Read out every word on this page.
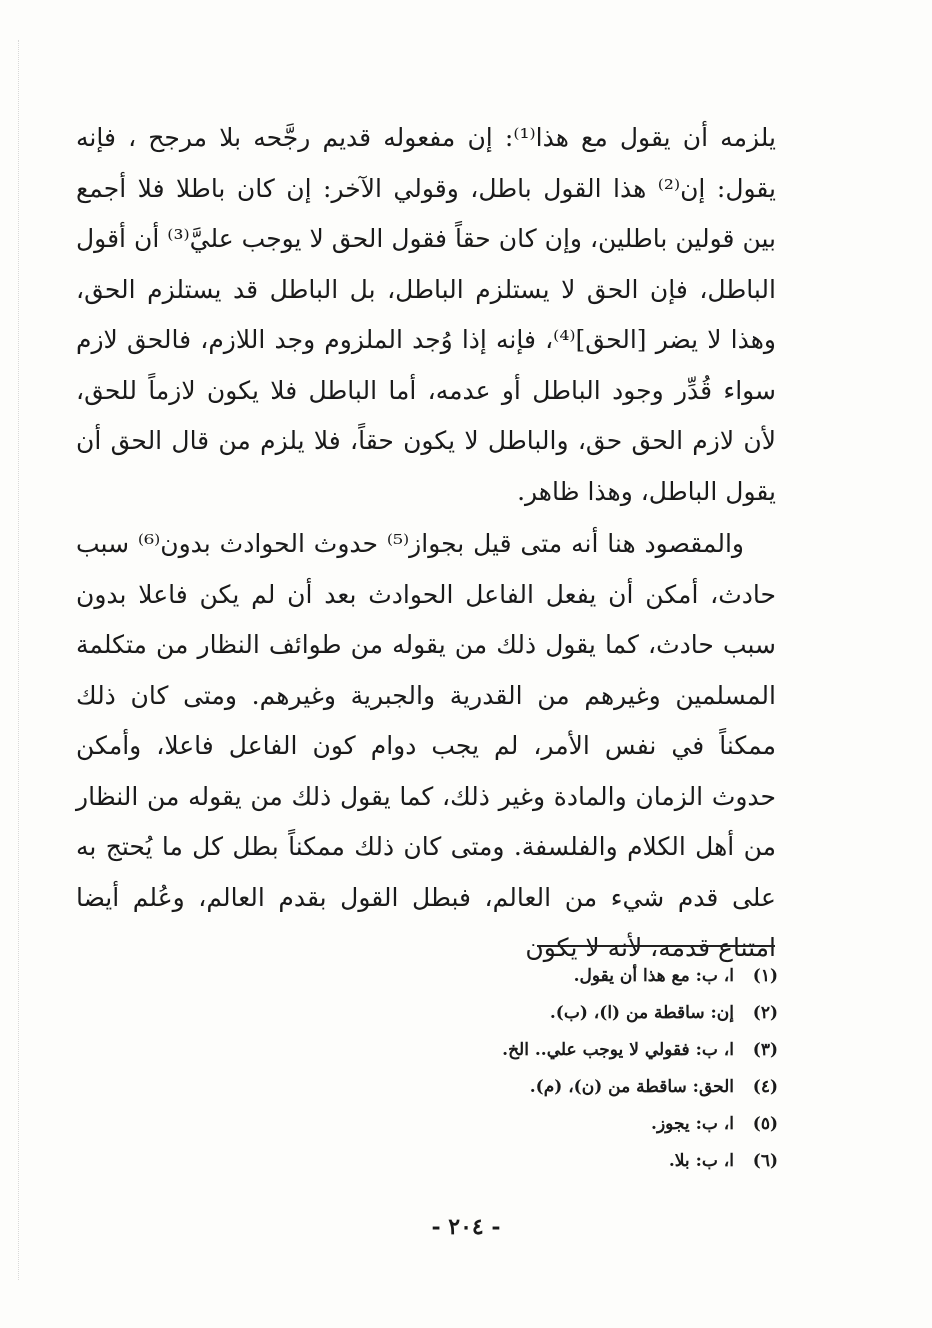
يلزمه أن يقول مع هذا⁽¹⁾: إن مفعوله قديم رجَّحه بلا مرجح ، فإنه يقول: إن⁽²⁾ هذا القول باطل، وقولي الآخر: إن كان باطلا فلا أجمع بين قولين باطلين، وإن كان حقاً فقول الحق لا يوجب عليَّ⁽³⁾ أن أقول الباطل، فإن الحق لا يستلزم الباطل، بل الباطل قد يستلزم الحق، وهذا لا يضر [الحق]⁽⁴⁾، فإنه إذا وُجد الملزوم وجد اللازم، فالحق لازم سواء قُدِّر وجود الباطل أو عدمه، أما الباطل فلا يكون لازماً للحق، لأن لازم الحق حق، والباطل لا يكون حقاً، فلا يلزم من قال الحق أن يقول الباطل، وهذا ظاهر.

والمقصود هنا أنه متى قيل بجواز⁽⁵⁾ حدوث الحوادث بدون⁽⁶⁾ سبب حادث، أمكن أن يفعل الفاعل الحوادث بعد أن لم يكن فاعلا بدون سبب حادث، كما يقول ذلك من يقوله من طوائف النظار من متكلمة المسلمين وغيرهم من القدرية والجبرية وغيرهم. ومتى كان ذلك ممكناً في نفس الأمر، لم يجب دوام كون الفاعل فاعلا، وأمكن حدوث الزمان والمادة وغير ذلك، كما يقول ذلك من يقوله من النظار من أهل الكلام والفلسفة. ومتى كان ذلك ممكناً بطل كل ما يُحتج به على قدم شيء من العالم، فبطل القول بقدم العالم، وعُلم أيضا امتناع قدمه، لأنه لا يكون

(١)
ا، ب: مع هذا أن يقول.
(٢)
إن: ساقطة من (ا)، (ب).
(٣)
ا، ب: فقولي لا يوجب علي.. الخ.
(٤)
الحق: ساقطة من (ن)، (م).
(٥)
ا، ب: يجوز.
(٦)
ا، ب: بلا.
- ٢٠٤ -
